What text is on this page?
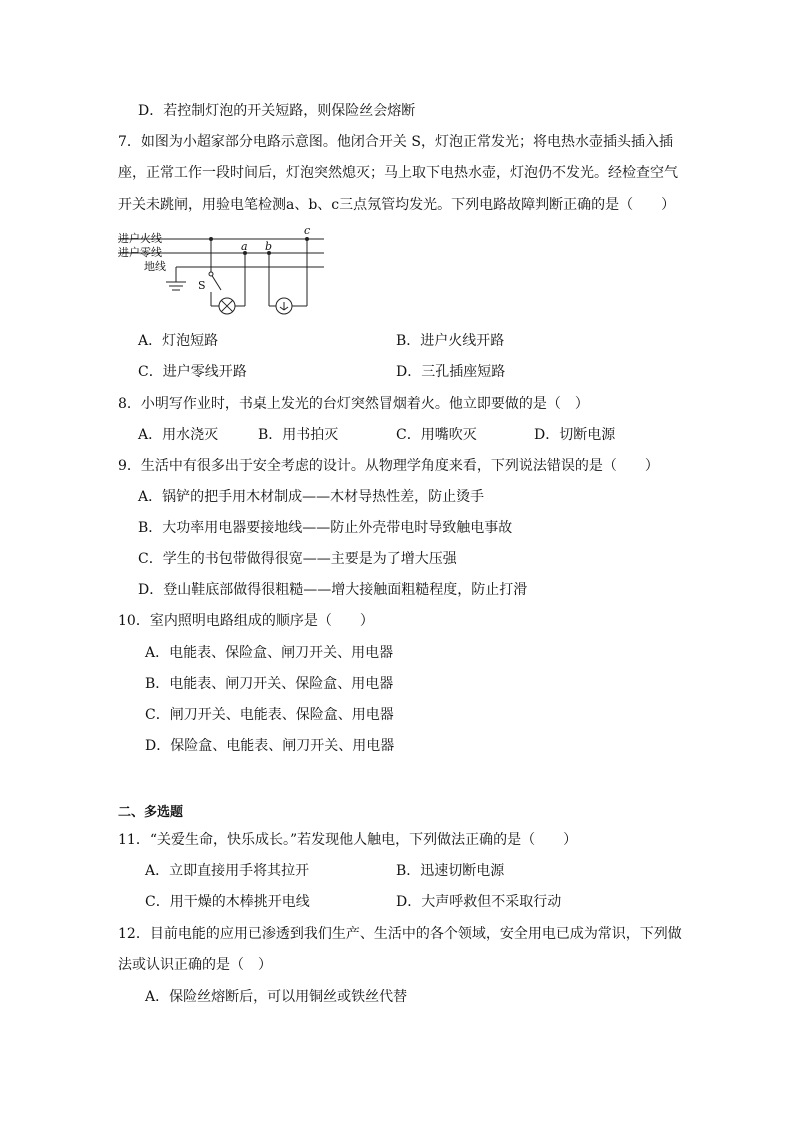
D．若控制灯泡的开关短路，则保险丝会熔断
7．如图为小超家部分电路示意图。他闭合开关 S，灯泡正常发光；将电热水壶插头插入插
座，正常工作一段时间后，灯泡突然熄灭；马上取下电热水壶，灯泡仍不发光。经检查空气
开关未跳闸，用验电笔检测a、b、c三点氖管均发光。下列电路故障判断正确的是（　　）
进户火线
进户零线
地线
S
a b
c
A．灯泡短路	B．进户火线开路
C．进户零线开路	D．三孔插座短路
8．小明写作业时，书桌上发光的台灯突然冒烟着火。他立即要做的是（　）
A．用水浇灭	B．用书拍灭	C．用嘴吹灭	D．切断电源
9．生活中有很多出于安全考虑的设计。从物理学角度来看，下列说法错误的是（　　）
A．锅铲的把手用木材制成——木材导热性差，防止烫手
B．大功率用电器要接地线——防止外壳带电时导致触电事故
C．学生的书包带做得很宽——主要是为了增大压强
D．登山鞋底部做得很粗糙——增大接触面粗糙程度，防止打滑
10．室内照明电路组成的顺序是（　　）
A．电能表、保险盒、闸刀开关、用电器
B．电能表、闸刀开关、保险盒、用电器
C．闸刀开关、电能表、保险盒、用电器
D．保险盒、电能表、闸刀开关、用电器
二、多选题
11．“关爱生命，快乐成长。”若发现他人触电，下列做法正确的是（　　）
A．立即直接用手将其拉开	B．迅速切断电源
C．用干燥的木棒挑开电线	D．大声呼救但不采取行动
12．目前电能的应用已渗透到我们生产、生活中的各个领域，安全用电已成为常识，下列做
法或认识正确的是（　）
A．保险丝熔断后，可以用铜丝或铁丝代替
